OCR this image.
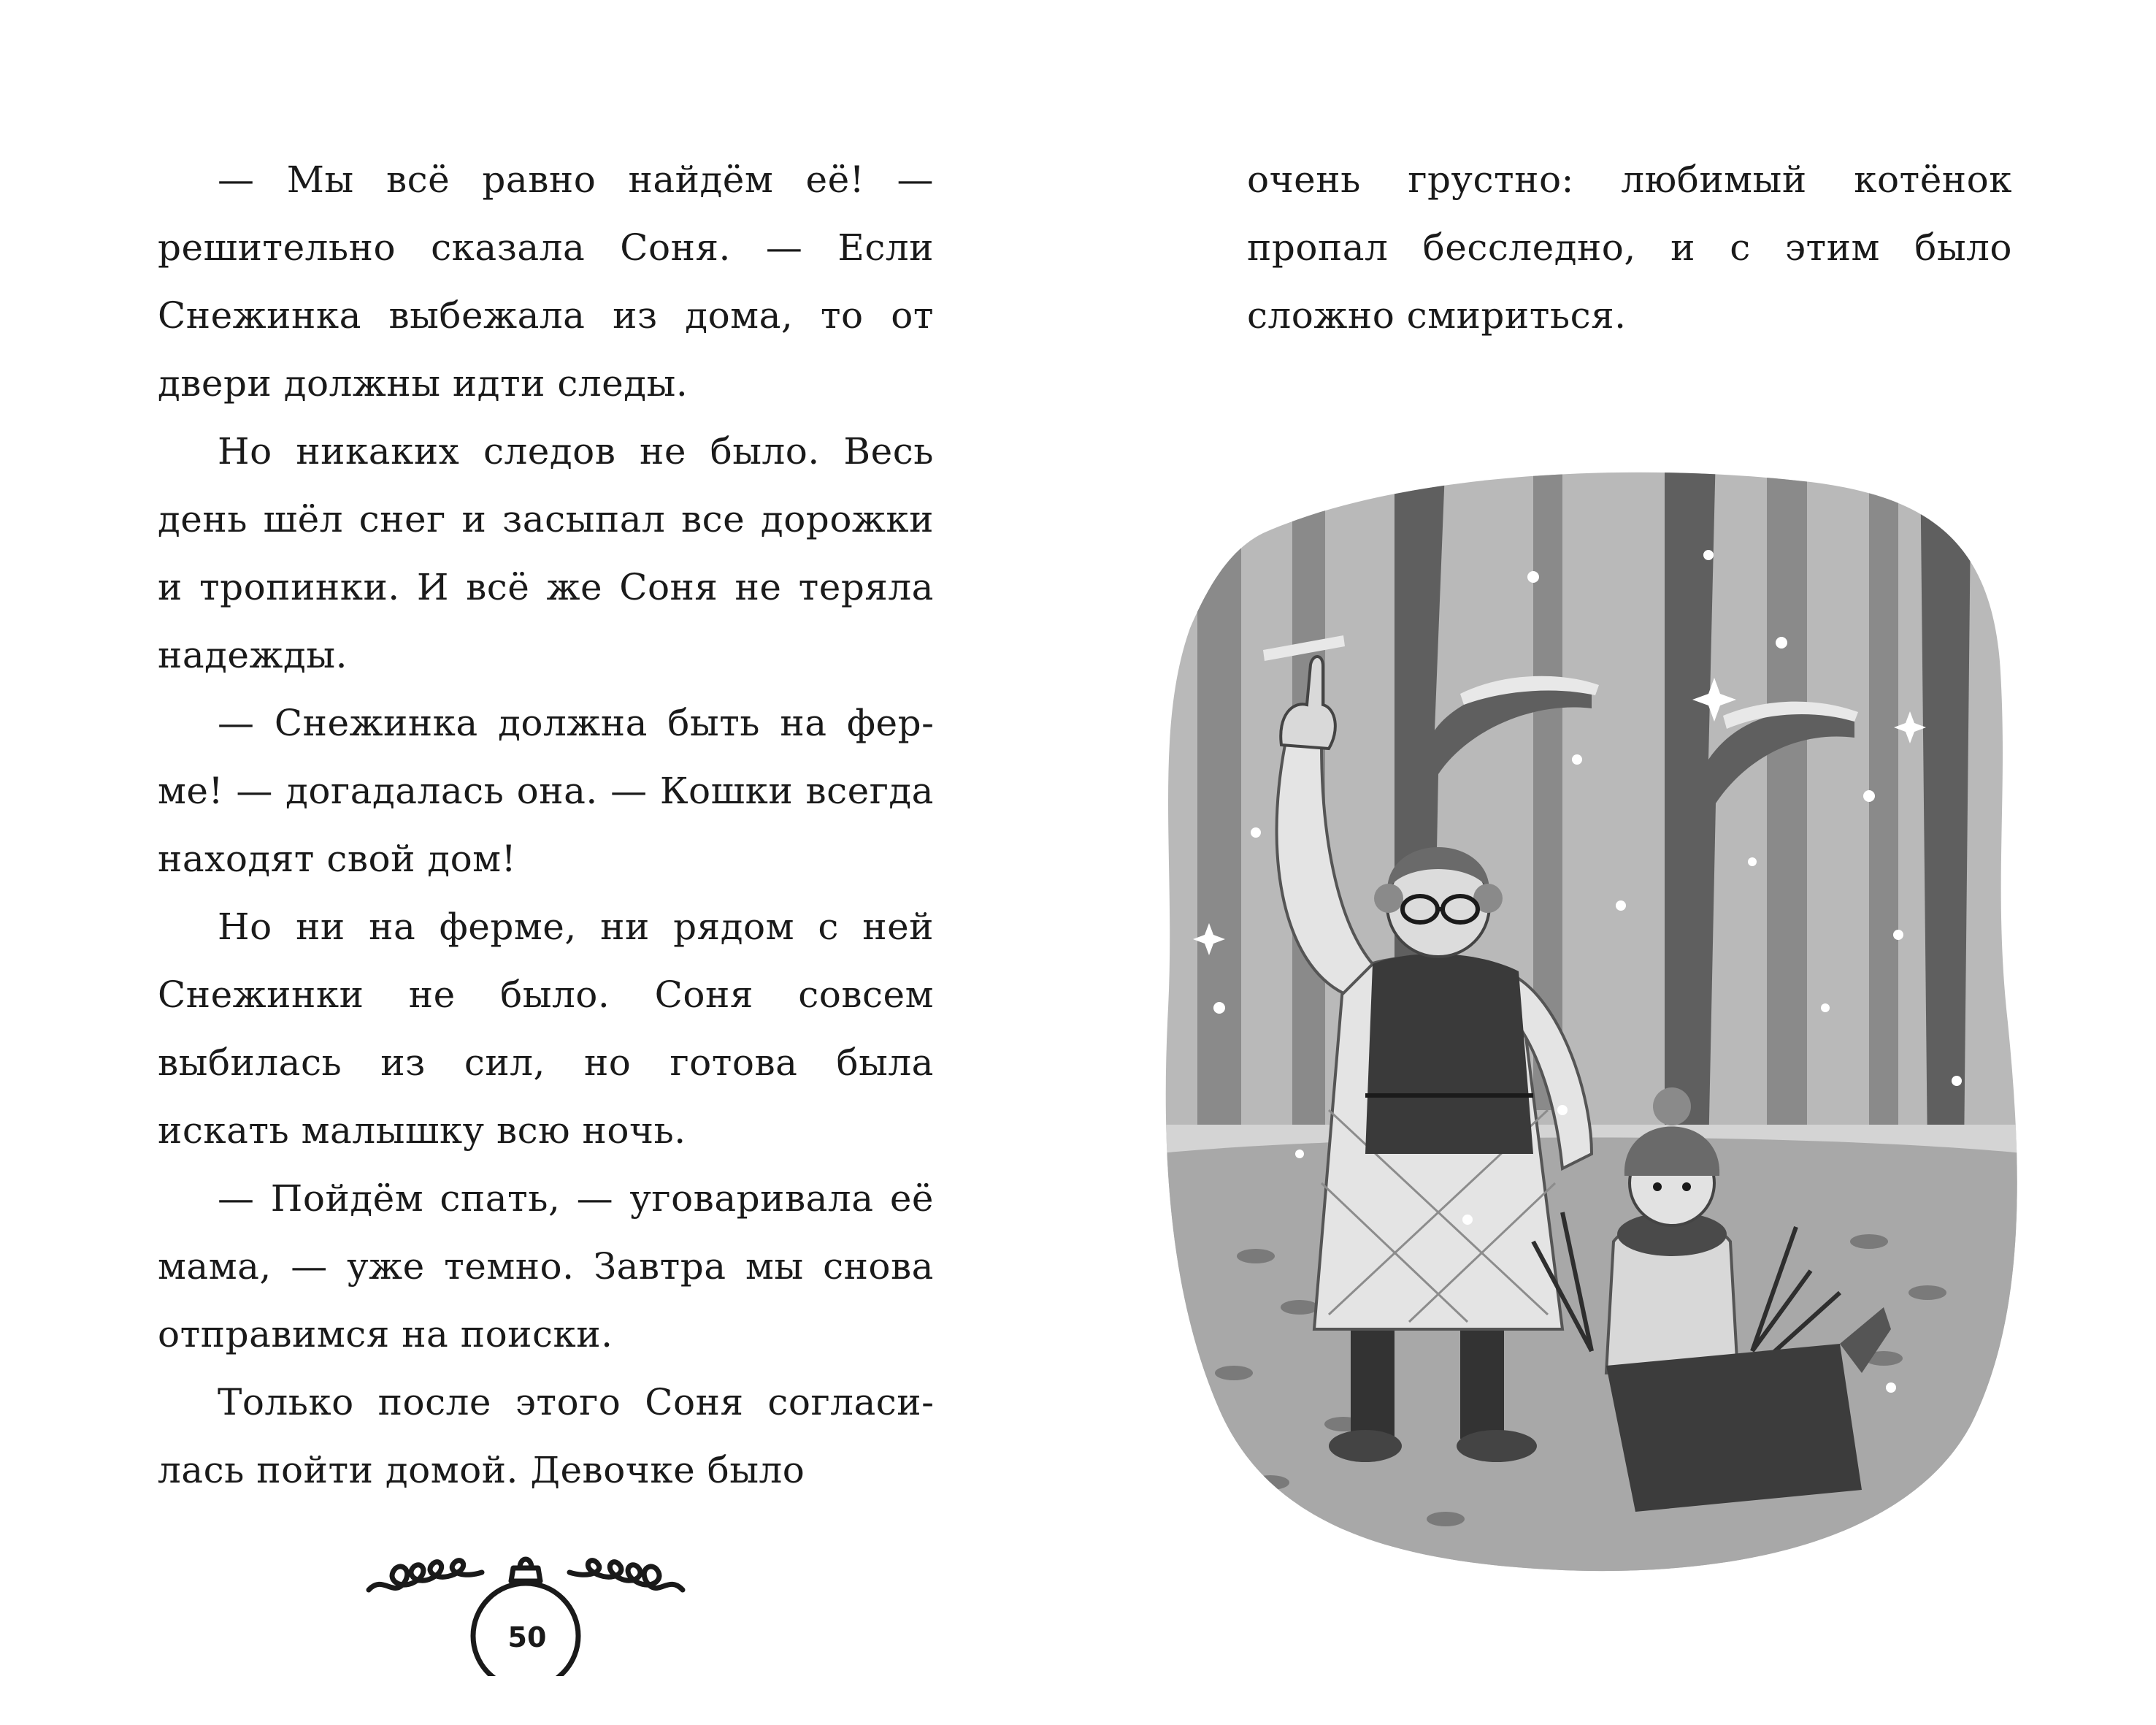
— Мы всё равно найдём её! — решительно сказала Соня. — Если Снежинка выбежала из дома, то от двери должны идти следы.

Но никаких следов не было. Весь день шёл снег и засыпал все дорожки и тропинки. И всё же Соня не теряла надежды.

— Снежинка должна быть на ферме! — догадалась она. — Кошки всегда находят свой дом!

Но ни на ферме, ни рядом с ней Снежинки не было. Соня совсем выбилась из сил, но готова была искать малышку всю ночь.

— Пойдём спать, — уговаривала её мама, — уже темно. Завтра мы снова отправимся на поиски.

Только после этого Соня согласилась пойти домой. Девочке было

50

очень грустно: любимый котёнок пропал бесследно, и с этим было сложно смириться.
